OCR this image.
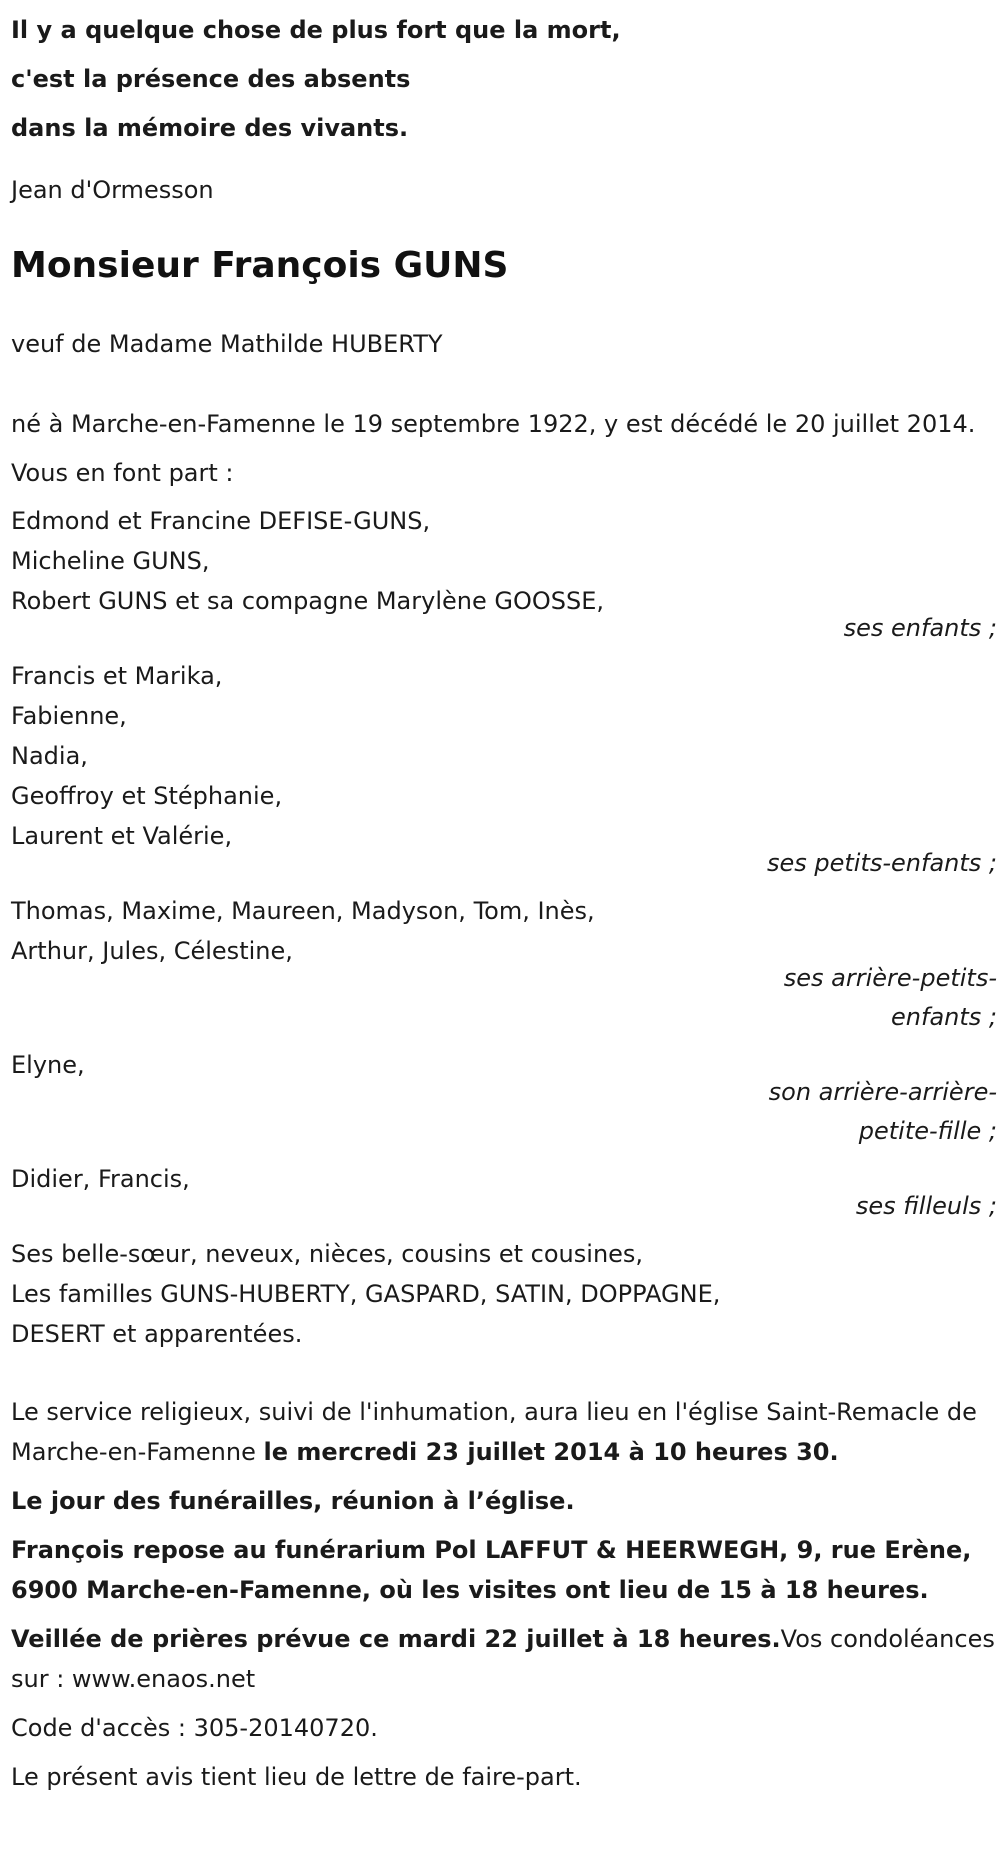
Il y a quelque chose de plus fort que la mort,

c'est la présence des absents

dans la mémoire des vivants.

Jean d'Ormesson

Monsieur François GUNS

veuf de Madame Mathilde HUBERTY

né à Marche-en-Famenne le 19 septembre 1922, y est décédé le 20 juillet 2014.

Vous en font part :

Edmond et Francine DEFISE-GUNS,
Micheline GUNS,
Robert GUNS et sa compagne Marylène GOOSSE,
ses enfants ;
Francis et Marika,
Fabienne,
Nadia,
Geoffroy et Stéphanie,
Laurent et Valérie,
ses petits-enfants ;
Thomas, Maxime, Maureen, Madyson, Tom, Inès,
Arthur, Jules, Célestine,
ses arrière-petits-enfants ;
Elyne,
son arrière-arrière-petite-fille ;
Didier, Francis,
ses filleuls ;
Ses belle-sœur, neveux, nièces, cousins et cousines,
Les familles GUNS-HUBERTY, GASPARD, SATIN, DOPPAGNE,
DESERT et apparentées.

Le service religieux, suivi de l'inhumation, aura lieu en l'église Saint-Remacle de Marche-en-Famenne le mercredi 23 juillet 2014 à 10 heures 30.

Le jour des funérailles, réunion à l’église.

François repose au funérarium Pol LAFFUT & HEERWEGH, 9, rue Erène, 6900 Marche-en-Famenne, où les visites ont lieu de 15 à 18 heures.

Veillée de prières prévue ce mardi 22 juillet à 18 heures.Vos condoléances sur : www.enaos.net

Code d'accès : 305-20140720.

Le présent avis tient lieu de lettre de faire-part.
